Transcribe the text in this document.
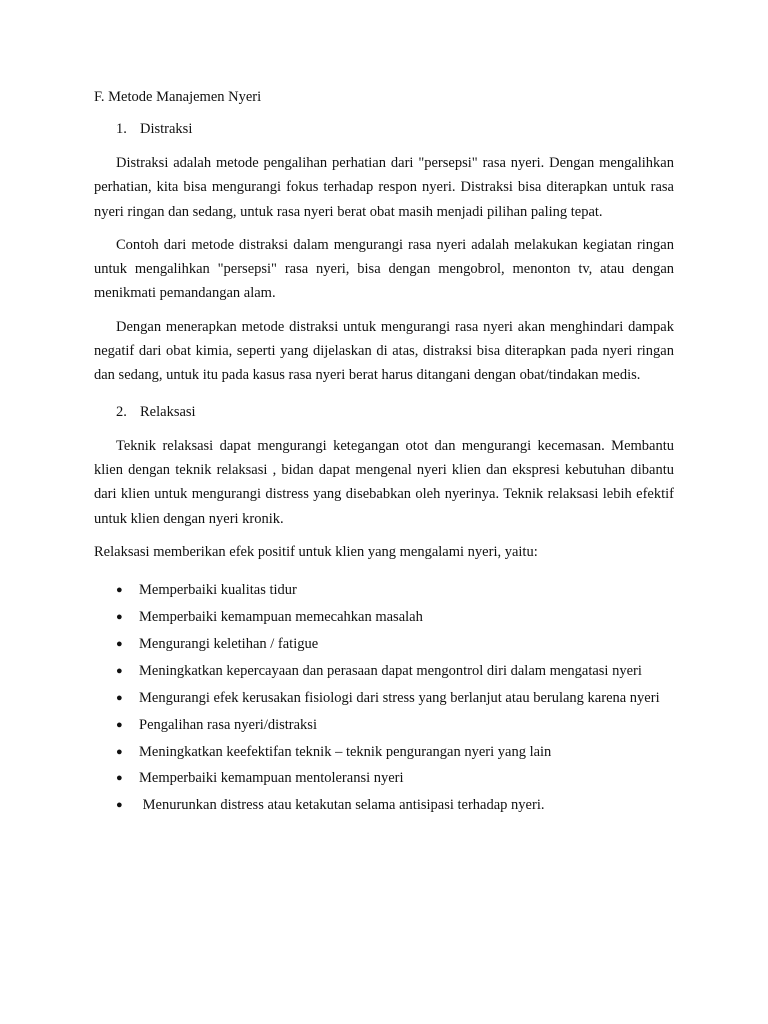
F. Metode Manajemen Nyeri
1. Distraksi

Distraksi adalah metode pengalihan perhatian dari "persepsi" rasa nyeri. Dengan mengalihkan perhatian, kita bisa mengurangi fokus terhadap respon nyeri. Distraksi bisa diterapkan untuk rasa nyeri ringan dan sedang, untuk rasa nyeri berat obat masih menjadi pilihan paling tepat.

Contoh dari metode distraksi dalam mengurangi rasa nyeri adalah melakukan kegiatan ringan untuk mengalihkan "persepsi" rasa nyeri, bisa dengan mengobrol, menonton tv, atau dengan menikmati pemandangan alam.

Dengan menerapkan metode distraksi untuk mengurangi rasa nyeri akan menghindari dampak negatif dari obat kimia, seperti yang dijelaskan di atas, distraksi bisa diterapkan pada nyeri ringan dan sedang, untuk itu pada kasus rasa nyeri berat harus ditangani dengan obat/tindakan medis.

2. Relaksasi

Teknik relaksasi dapat mengurangi ketegangan otot dan mengurangi kecemasan. Membantu klien dengan teknik relaksasi , bidan dapat mengenal nyeri klien dan ekspresi kebutuhan dibantu dari klien untuk mengurangi distress yang disebabkan oleh nyerinya. Teknik relaksasi lebih efektif untuk klien dengan nyeri kronik.

Relaksasi memberikan efek positif untuk klien yang mengalami nyeri, yaitu:

●	Memperbaiki kualitas tidur
●	Memperbaiki kemampuan memecahkan masalah
●	Mengurangi keletihan / fatigue
●	Meningkatkan kepercayaan dan perasaan dapat mengontrol diri dalam mengatasi nyeri
●	Mengurangi efek kerusakan fisiologi dari stress yang berlanjut atau berulang karena nyeri
●	Pengalihan rasa nyeri/distraksi
●	Meningkatkan keefektifan teknik – teknik pengurangan nyeri yang lain
●	Memperbaiki kemampuan mentoleransi nyeri
●	Menurunkan distress atau ketakutan selama antisipasi terhadap nyeri.
